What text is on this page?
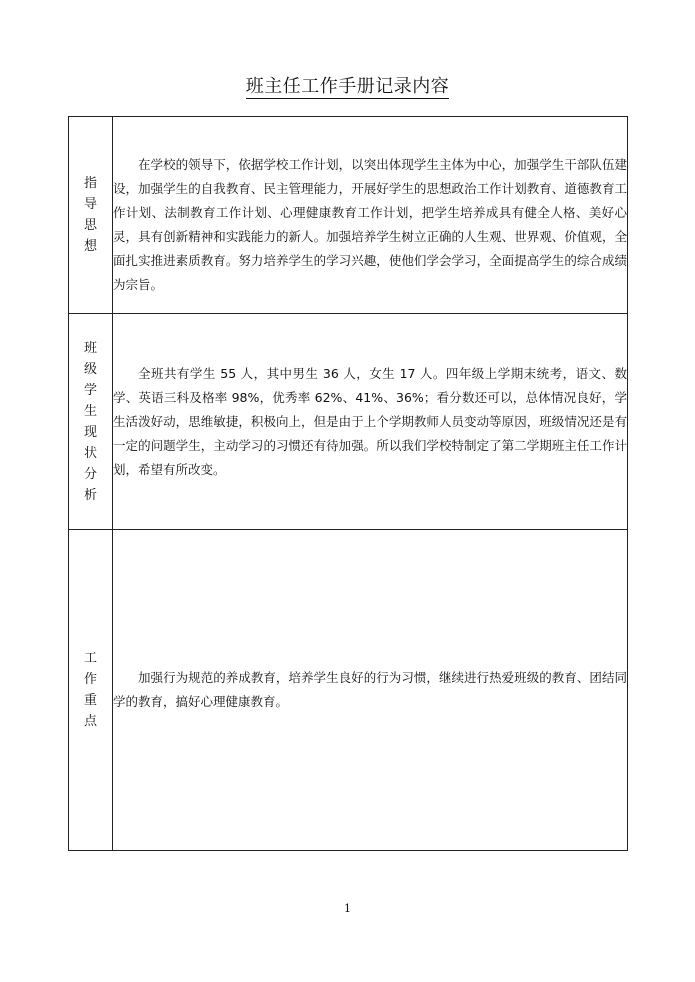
班主任工作手册记录内容
指导思想	在学校的领导下，依据学校工作计划，以突出体现学生主体为中心，加强学生干部队伍建设，加强学生的自我教育、民主管理能力，开展好学生的思想政治工作计划教育、道德教育工作计划、法制教育工作计划、心理健康教育工作计划，把学生培养成具有健全人格、美好心灵，具有创新精神和实践能力的新人。加强培养学生树立正确的人生观、世界观、价值观，全面扎实推进素质教育。努力培养学生的学习兴趣，使他们学会学习，全面提高学生的综合成绩为宗旨。

班级学生现状分析	全班共有学生 55 人，其中男生 36 人，女生 17 人。四年级上学期末统考，语文、数学、英语三科及格率 98%，优秀率 62%、41%、36%；看分数还可以，总体情况良好，学生活泼好动，思维敏捷，积极向上，但是由于上个学期教师人员变动等原因，班级情况还是有一定的问题学生，主动学习的习惯还有待加强。所以我们学校特制定了第二学期班主任工作计划，希望有所改变。

工作重点	加强行为规范的养成教育，培养学生良好的行为习惯，继续进行热爱班级的教育、团结同学的教育，搞好心理健康教育。

1
